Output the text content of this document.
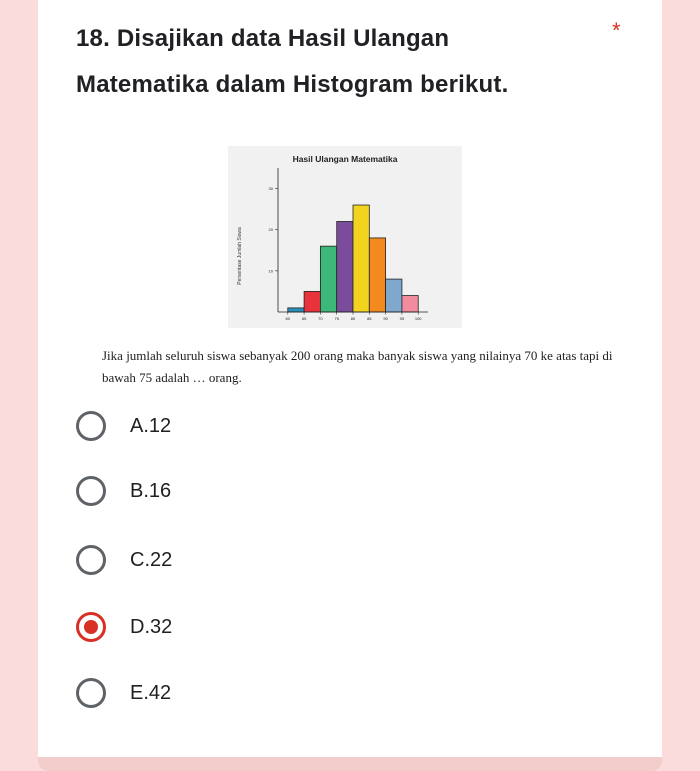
18. Disajikan data Hasil Ulangan
Matematika dalam Histogram berikut.
*
Hasil Ulangan Matematika
Persentase Jumlah Siswa	10
20
30
60	65	70	75	80	85	90	95	100
Jika jumlah seluruh siswa sebanyak 200 orang maka banyak siswa yang nilainya 70 ke atas tapi di bawah 75 adalah … orang.
A.12
B.16
C.22
D.32
E.42
